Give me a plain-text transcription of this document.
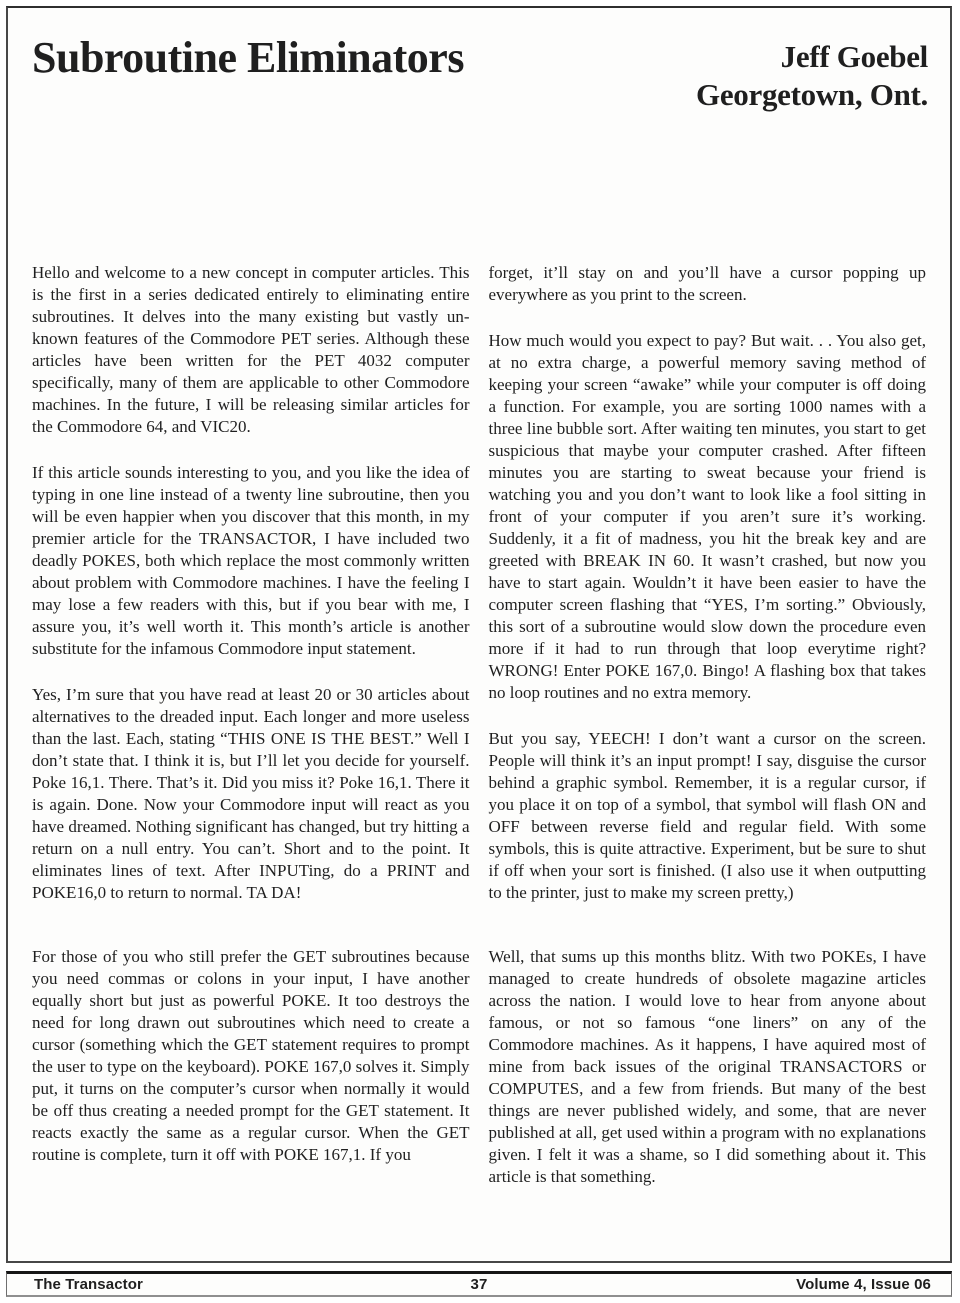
Subroutine Eliminators	Jeff Goebel
Georgetown, Ont.

Hello and welcome to a new concept in computer articles. This is the first in a series dedicated entirely to eliminating entire subroutines. It delves into the many existing but vastly un-known features of the Commodore PET series. Although these articles have been written for the PET 4032 computer specifically, many of them are applicable to other Commodore machines. In the future, I will be releasing similar articles for the Commodore 64, and VIC20.

If this article sounds interesting to you, and you like the idea of typing in one line instead of a twenty line subroutine, then you will be even happier when you discover that this month, in my premier article for the TRANSACTOR, I have included two deadly POKES, both which replace the most commonly written about problem with Commodore machines. I have the feeling I may lose a few readers with this, but if you bear with me, I assure you, it’s well worth it. This month’s article is another substitute for the infamous Commodore input statement.

Yes, I’m sure that you have read at least 20 or 30 articles about alternatives to the dreaded input. Each longer and more useless than the last. Each, stating “THIS ONE IS THE BEST.” Well I don’t state that. I think it is, but I’ll let you decide for yourself. Poke 16,1. There. That’s it. Did you miss it? Poke 16,1. There it is again. Done. Now your Commodore input will react as you have dreamed. Nothing significant has changed, but try hitting a return on a null entry. You can’t. Short and to the point. It eliminates lines of text. After INPUTing, do a PRINT and POKE16,0 to return to normal. TA DA!

For those of you who still prefer the GET subroutines because you need commas or colons in your input, I have another equally short but just as powerful POKE. It too destroys the need for long drawn out subroutines which need to create a cursor (something which the GET statement requires to prompt the user to type on the keyboard). POKE 167,0 solves it. Simply put, it turns on the computer’s cursor when normally it would be off thus creating a needed prompt for the GET statement. It reacts exactly the same as a regular cursor. When the GET routine is complete, turn it off with POKE 167,1. If you

forget, it’ll stay on and you’ll have a cursor popping up everywhere as you print to the screen.

How much would you expect to pay? But wait. . . You also get, at no extra charge, a powerful memory saving method of keeping your screen “awake” while your computer is off doing a function. For example, you are sorting 1000 names with a three line bubble sort. After waiting ten minutes, you start to get suspicious that maybe your computer crashed. After fifteen minutes you are starting to sweat because your friend is watching you and you don’t want to look like a fool sitting in front of your computer if you aren’t sure it’s working. Suddenly, it a fit of madness, you hit the break key and are greeted with BREAK IN 60. It wasn’t crashed, but now you have to start again. Wouldn’t it have been easier to have the computer screen flashing that “YES, I’m sorting.” Obviously, this sort of a subroutine would slow down the procedure even more if it had to run through that loop everytime right? WRONG! Enter POKE 167,0. Bingo! A flashing box that takes no loop routines and no extra memory.

But you say, YEECH! I don’t want a cursor on the screen. People will think it’s an input prompt! I say, disguise the cursor behind a graphic symbol. Remember, it is a regular cursor, if you place it on top of a symbol, that symbol will flash ON and OFF between reverse field and regular field. With some symbols, this is quite attractive. Experiment, but be sure to shut if off when your sort is finished. (I also use it when outputting to the printer, just to make my screen pretty,)

Well, that sums up this months blitz. With two POKEs, I have managed to create hundreds of obsolete magazine articles across the nation. I would love to hear from anyone about famous, or not so famous “one liners” on any of the Commodore machines. As it happens, I have aquired most of mine from back issues of the original TRANSACTORS or COMPUTES, and a few from friends. But many of the best things are never published widely, and some, that are never published at all, get used within a program with no explanations given. I felt it was a shame, so I did something about it. This article is that something.

The Transactor	37	Volume 4, Issue 06
